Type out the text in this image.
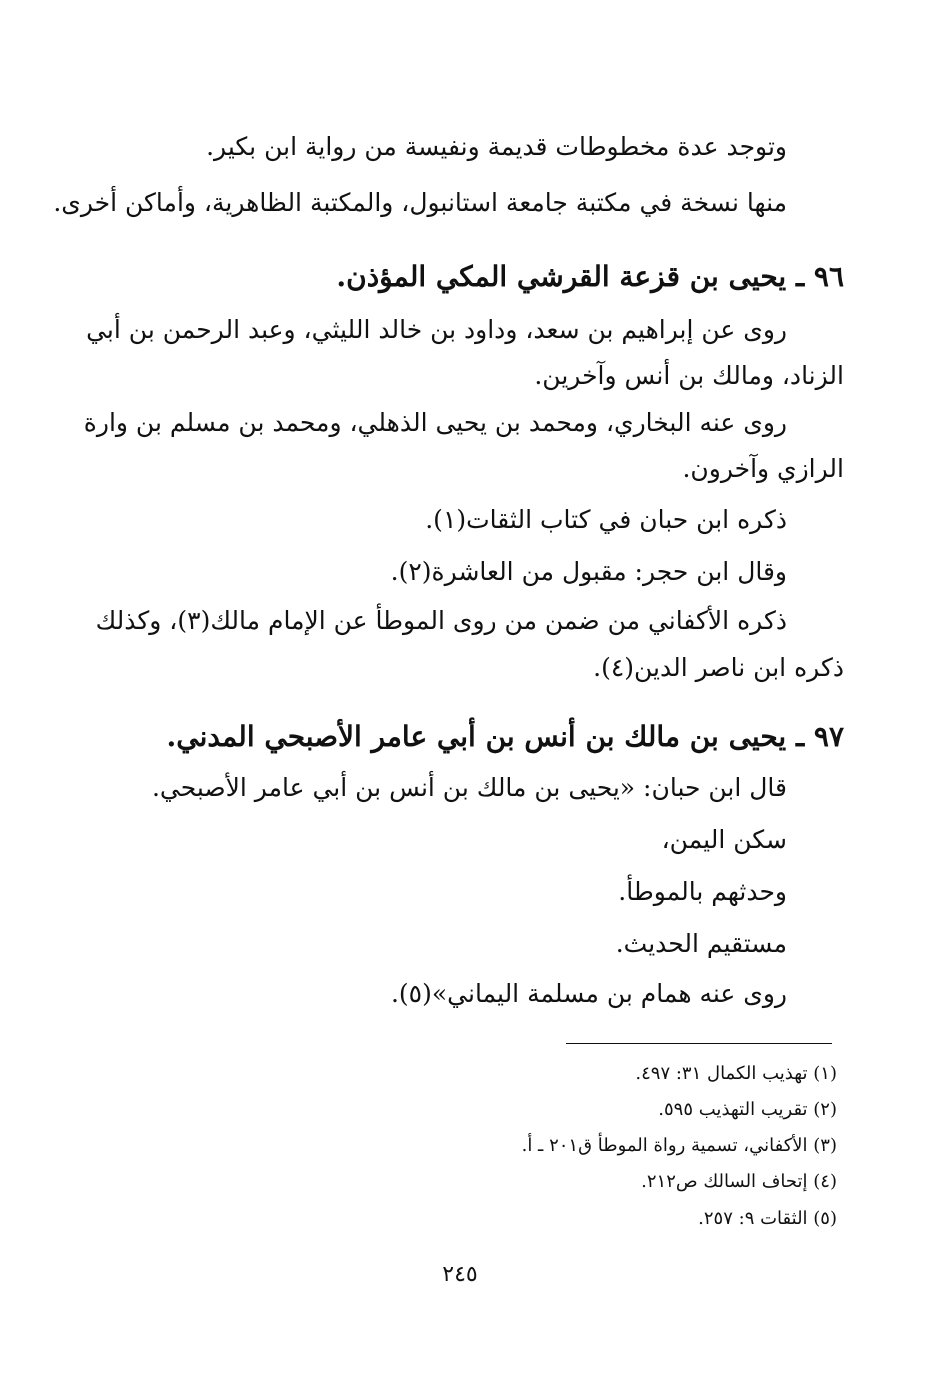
وتوجد عدة مخطوطات قديمة ونفيسة من رواية ابن بكير.
منها نسخة في مكتبة جامعة استانبول، والمكتبة الظاهرية، وأماكن أخرى.
٩٦ ـ يحيى بن قزعة القرشي المكي المؤذن.
روى عن إبراهيم بن سعد، وداود بن خالد الليثي، وعبد الرحمن بن أبي
الزناد، ومالك بن أنس وآخرين.
روى عنه البخاري، ومحمد بن يحيى الذهلي، ومحمد بن مسلم بن وارة
الرازي وآخرون.
ذكره ابن حبان في كتاب الثقات(١).
وقال ابن حجر: مقبول من العاشرة(٢).
ذكره الأكفاني من ضمن من روى الموطأ عن الإمام مالك(٣)، وكذلك
ذكره ابن ناصر الدين(٤).
٩٧ ـ يحيى بن مالك بن أنس بن أبي عامر الأصبحي المدني.
قال ابن حبان: «يحيى بن مالك بن أنس بن أبي عامر الأصبحي.
سكن اليمن،
وحدثهم بالموطأ.
مستقيم الحديث.
روى عنه همام بن مسلمة اليماني»(٥).
(١) تهذيب الكمال ٣١: ٤٩٧.
(٢) تقريب التهذيب ٥٩٥.
(٣) الأكفاني، تسمية رواة الموطأ ق٢٠١ ـ أ.
(٤) إتحاف السالك ص٢١٢.
(٥) الثقات ٩: ٢٥٧.
٢٤٥
